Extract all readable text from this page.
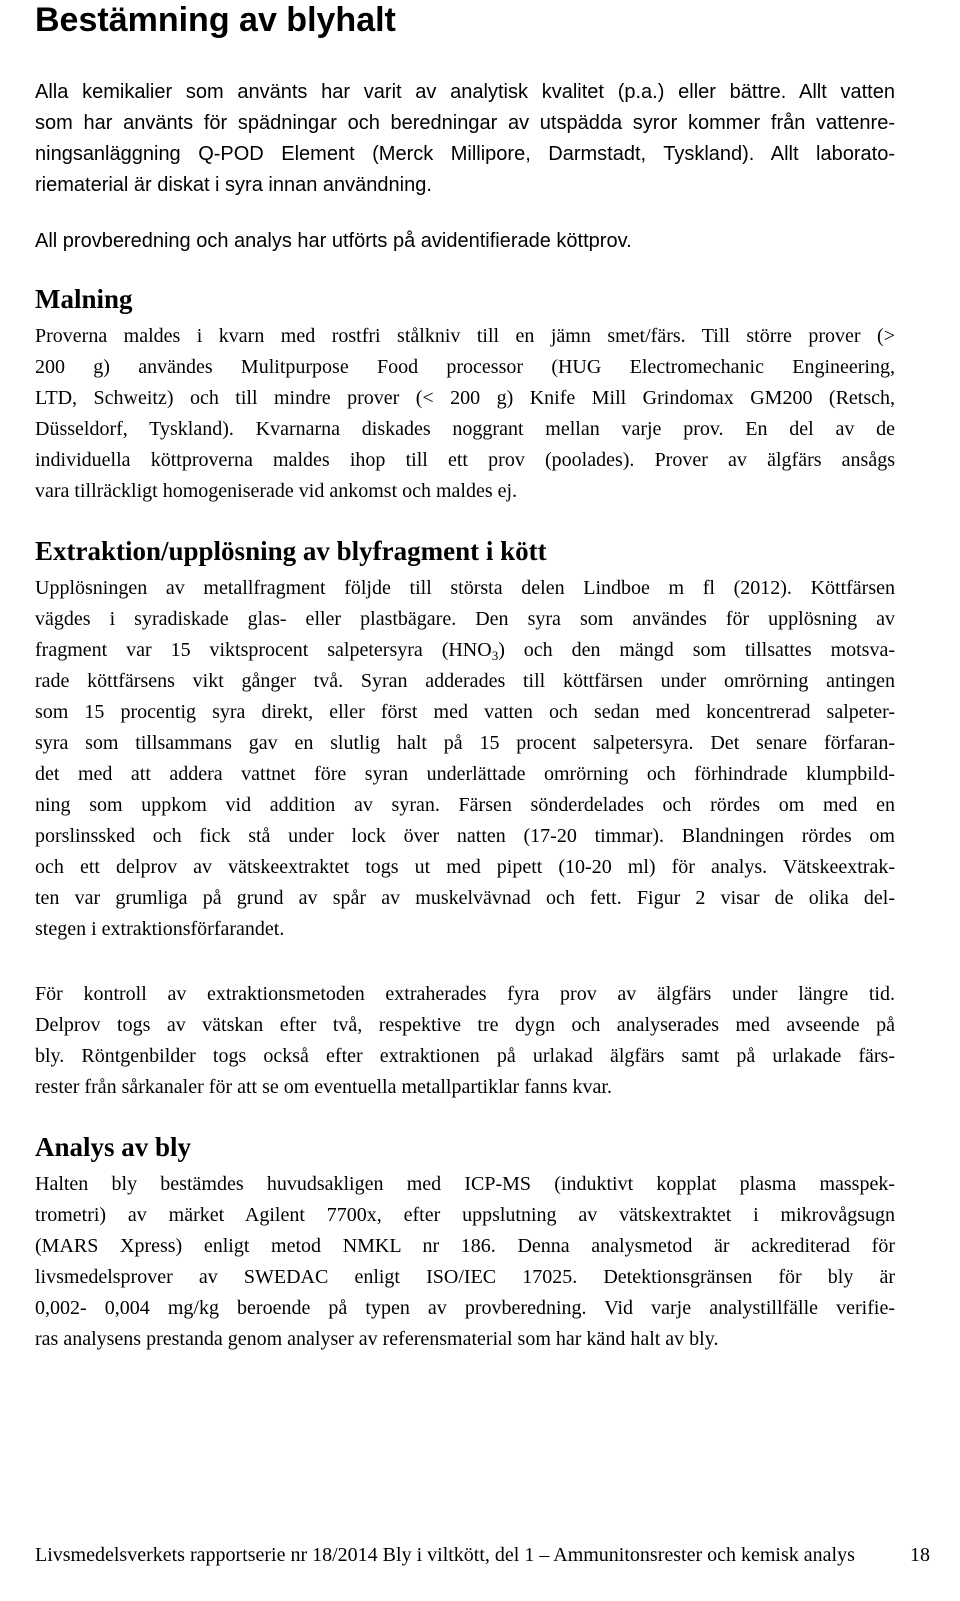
Bestämning av blyhalt
Alla kemikalier som använts har varit av analytisk kvalitet (p.a.) eller bättre. Allt vatten
som har använts för spädningar och beredningar av utspädda syror kommer från vattenre-
ningsanläggning Q-POD Element (Merck Millipore, Darmstadt, Tyskland). Allt laborato-
riematerial är diskat i syra innan användning.
All provberedning och analys har utförts på avidentifierade köttprov.
Malning
Proverna maldes i kvarn med rostfri stålkniv till en jämn smet/färs. Till större prover (>
200 g) användes Mulitpurpose Food processor (HUG Electromechanic Engineering,
LTD, Schweitz) och till mindre prover (< 200 g) Knife Mill Grindomax GM200 (Retsch,
Düsseldorf, Tyskland). Kvarnarna diskades noggrant mellan varje prov. En del av de
individuella köttproverna maldes ihop till ett prov (poolades). Prover av älgfärs ansågs
vara tillräckligt homogeniserade vid ankomst och maldes ej.
Extraktion/upplösning av blyfragment i kött
Upplösningen av metallfragment följde till största delen Lindboe m fl (2012). Köttfärsen
vägdes i syradiskade glas- eller plastbägare. Den syra som användes för upplösning av
fragment var 15 viktsprocent salpetersyra $(HNO_3)$ och den mängd som tillsattes motsva-
rade köttfärsens vikt gånger två. Syran adderades till köttfärsen under omrörning antingen
som 15 procentig syra direkt, eller först med vatten och sedan med koncentrerad salpeter-
syra som tillsammans gav en slutlig halt på 15 procent salpetersyra. Det senare förfaran-
det med att addera vattnet före syran underlättade omrörning och förhindrade klumpbild-
ning som uppkom vid addition av syran. Färsen sönderdelades och rördes om med en
porslinssked och fick stå under lock över natten (17-20 timmar). Blandningen rördes om
och ett delprov av vätskeextraktet togs ut med pipett (10-20 ml) för analys. Vätskeextrak-
ten var grumliga på grund av spår av muskelvävnad och fett. Figur 2 visar de olika del-
stegen i extraktionsförfarandet.
För kontroll av extraktionsmetoden extraherades fyra prov av älgfärs under längre tid.
Delprov togs av vätskan efter två, respektive tre dygn och analyserades med avseende på
bly. Röntgenbilder togs också efter extraktionen på urlakad älgfärs samt på urlakade färs-
rester från sårkanaler för att se om eventuella metallpartiklar fanns kvar.
Analys av bly
Halten bly bestämdes huvudsakligen med ICP-MS (induktivt kopplat plasma masspek-
trometri) av märket Agilent 7700x, efter uppslutning av vätskextraktet i mikrovågsugn
(MARS Xpress) enligt metod NMKL nr 186. Denna analysmetod är ackrediterad för
livsmedelsprover av SWEDAC enligt ISO/IEC 17025. Detektionsgränsen för bly är
0,002- 0,004 mg/kg beroende på typen av provberedning. Vid varje analystillfälle verifie-
ras analysens prestanda genom analyser av referensmaterial som har känd halt av bly.
Livsmedelsverkets rapportserie nr 18/2014 Bly i viltkött, del 1 – Ammunitonsrester och kemisk analys	18
